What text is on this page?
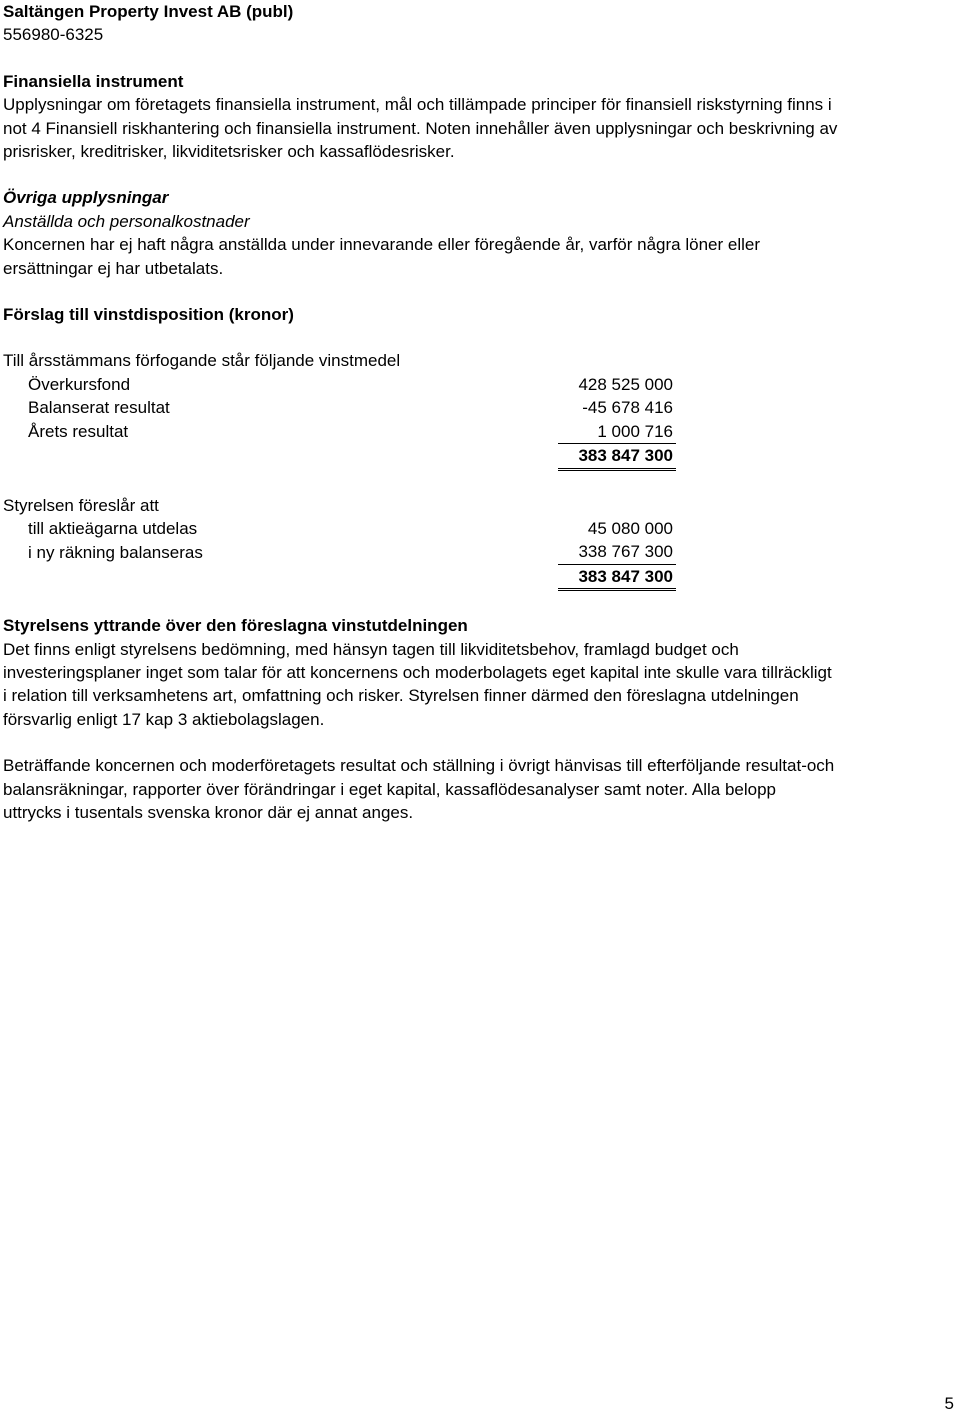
Saltängen Property Invest AB (publ)

556980-6325

Finansiella instrument

Upplysningar om företagets finansiella instrument, mål och tillämpade principer för finansiell riskstyrning finns i

not 4 Finansiell riskhantering och finansiella instrument. Noten innehåller även upplysningar och beskrivning av

prisrisker, kreditrisker, likviditetsrisker och kassaflödesrisker.

Övriga upplysningar

Anställda och personalkostnader

Koncernen har ej haft några anställda under innevarande eller föregående år, varför några löner eller

ersättningar ej har utbetalats.

Förslag till vinstdisposition (kronor)

Till årsstämmans förfogande står följande vinstmedel

Överkursfond	428 525 000
Balanserat resultat	-45 678 416
Årets resultat	1 000 716
	383 847 300

Styrelsen föreslår att

till aktieägarna utdelas	45 080 000
i ny räkning balanseras	338 767 300
	383 847 300

Styrelsens yttrande över den föreslagna vinstutdelningen

Det finns enligt styrelsens bedömning, med hänsyn tagen till likviditetsbehov, framlagd budget och

investeringsplaner inget som talar för att koncernens och moderbolagets eget kapital inte skulle vara tillräckligt

i relation till verksamhetens art, omfattning och risker. Styrelsen finner därmed den föreslagna utdelningen

försvarlig enligt 17 kap 3 aktiebolagslagen.

Beträffande koncernen och moderföretagets resultat och ställning i övrigt hänvisas till efterföljande resultat-och

balansräkningar, rapporter över förändringar i eget kapital, kassaflödesanalyser samt noter. Alla belopp

uttrycks i tusentals svenska kronor där ej annat anges.

5
